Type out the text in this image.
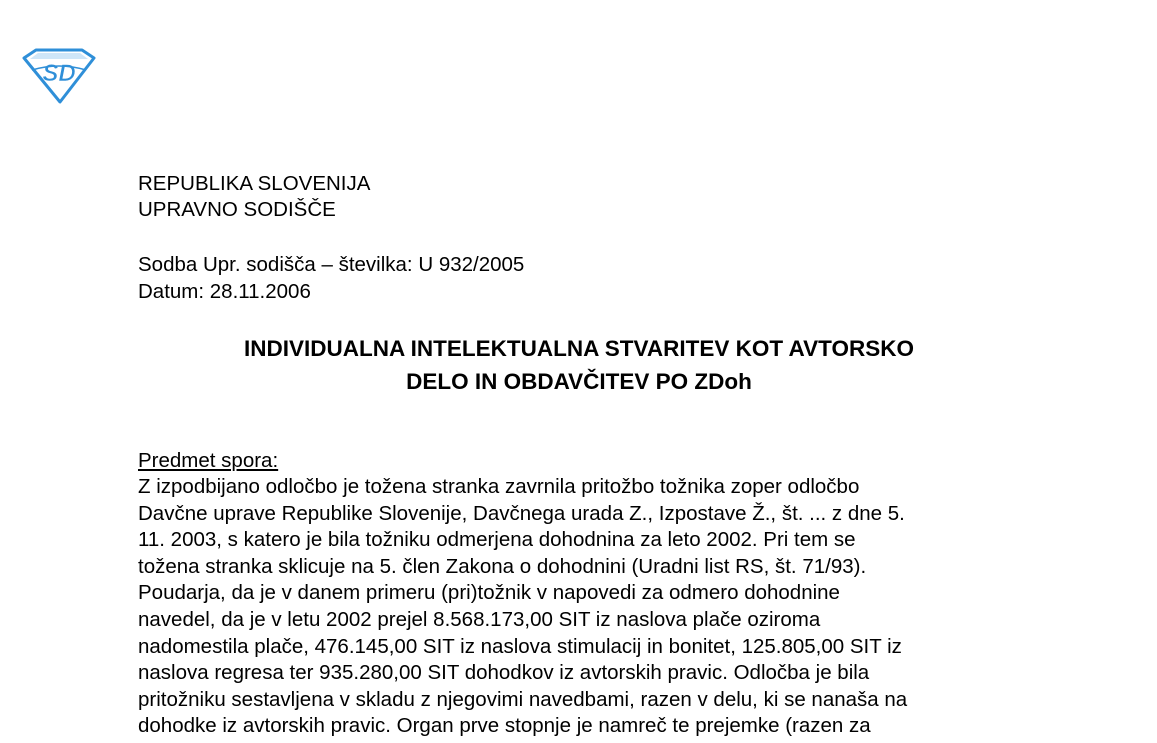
SD
REPUBLIKA SLOVENIJA
UPRAVNO SODIŠČE
Sodba Upr. sodišča – številka: U 932/2005
Datum: 28.11.2006
INDIVIDUALNA INTELEKTUALNA STVARITEV KOT AVTORSKO
DELO IN OBDAVČITEV PO ZDoh
Predmet spora:
Z izpodbijano odločbo je tožena stranka zavrnila pritožbo tožnika zoper odločbo
Davčne uprave Republike Slovenije, Davčnega urada Z., Izpostave Ž., št. ... z dne 5.
11. 2003, s katero je bila tožniku odmerjena dohodnina za leto 2002. Pri tem se
tožena stranka sklicuje na 5. člen Zakona o dohodnini (Uradni list RS, št. 71/93).
Poudarja, da je v danem primeru (pri)tožnik v napovedi za odmero dohodnine
navedel, da je v letu 2002 prejel 8.568.173,00 SIT iz naslova plače oziroma
nadomestila plače, 476.145,00 SIT iz naslova stimulacij in bonitet, 125.805,00 SIT iz
naslova regresa ter 935.280,00 SIT dohodkov iz avtorskih pravic. Odločba je bila
pritožniku sestavljena v skladu z njegovimi navedbami, razen v delu, ki se nanaša na
dohodke iz avtorskih pravic. Organ prve stopnje je namreč te prejemke (razen za
